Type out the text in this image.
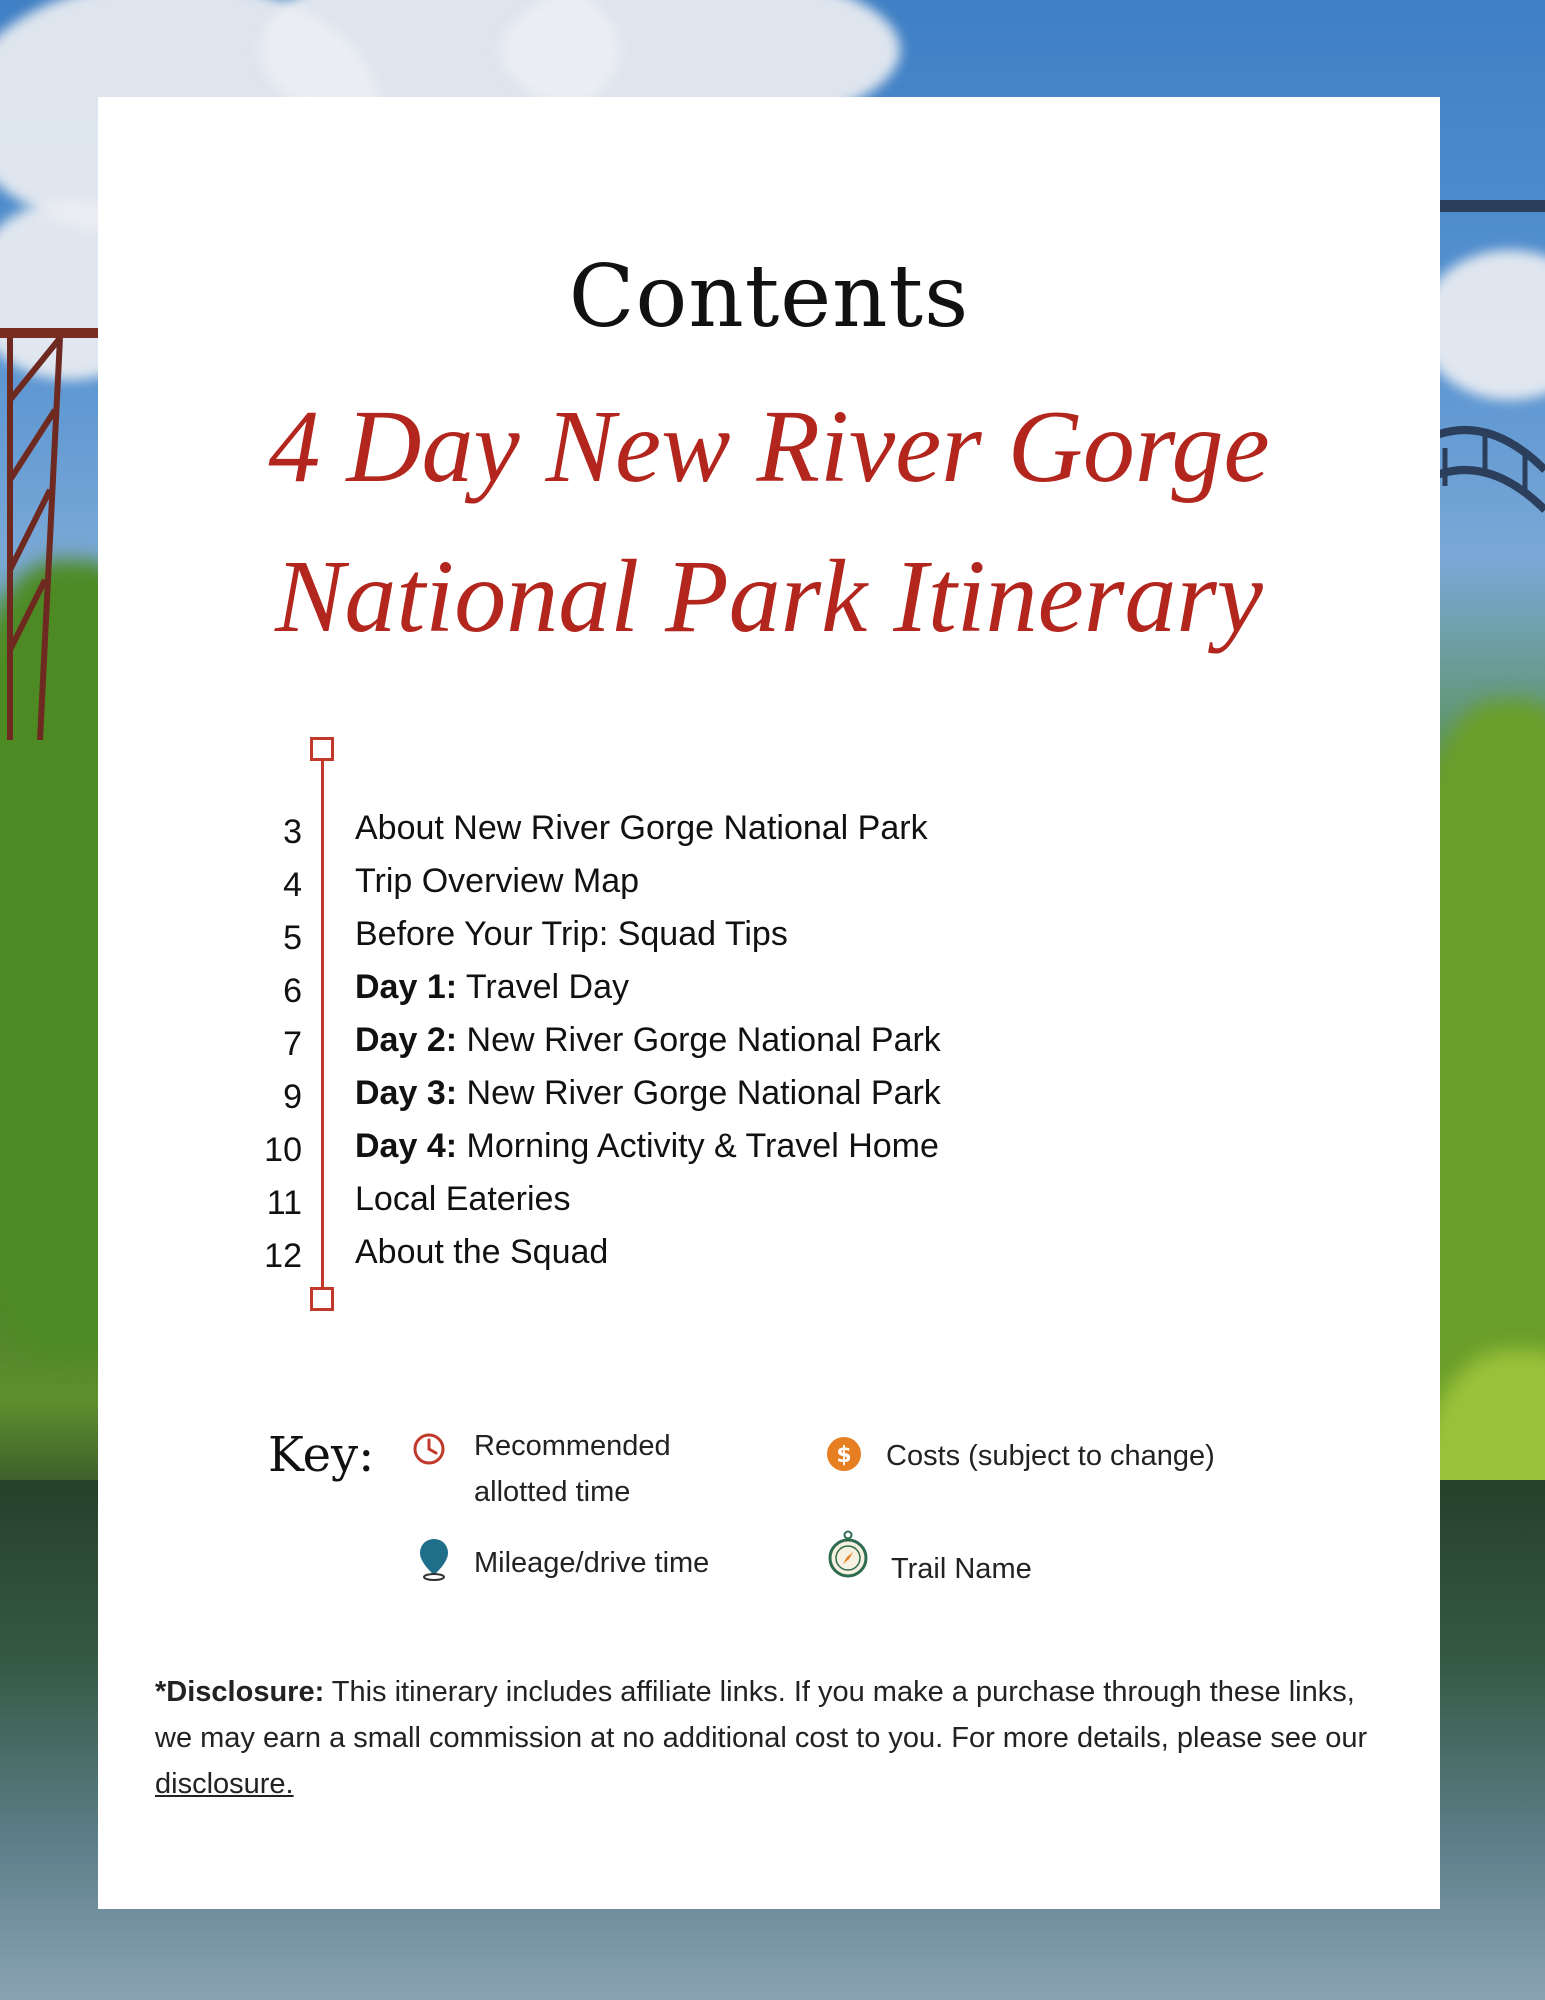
Contents
4 Day New River Gorge
National Park Itinerary
3 About New River Gorge National Park
4 Trip Overview Map
5 Before Your Trip: Squad Tips
6 Day 1: Travel Day
7 Day 2: New River Gorge National Park
9 Day 3: New River Gorge National Park
10 Day 4: Morning Activity & Travel Home
11 Local Eateries
12 About the Squad
Key:	Recommended
allotted time
$ Costs (subject to change)
Mileage/drive time	Trail Name
*Disclosure: This itinerary includes affiliate links. If you make a purchase through these links, we may earn a small commission at no additional cost to you. For more details, please see our disclosure.
